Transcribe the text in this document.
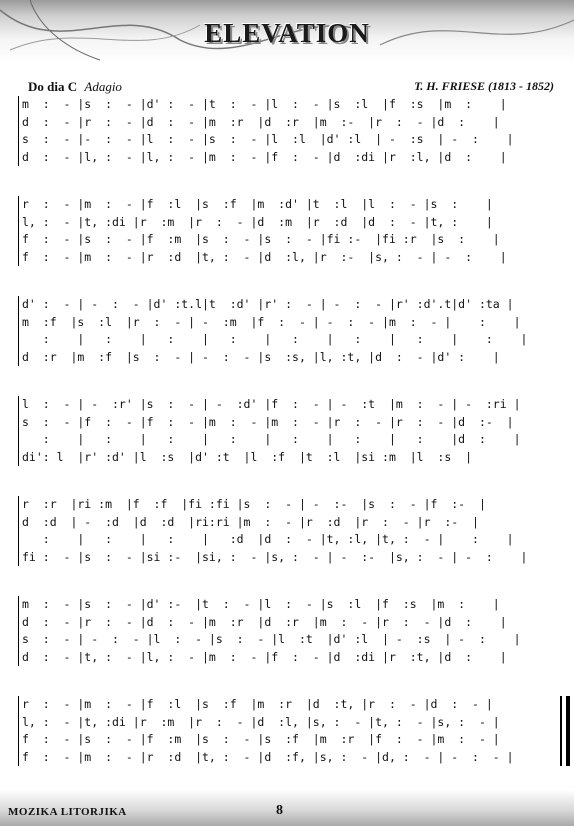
ELEVATION
Do dia C Adagio	T. H. FRIESE (1813 - 1852)
m  :  - |s  :  - |d' :  - |t  :  - |l  :  - |s  :l  |f  :s  |m  :    |
d  :  - |r  :  - |d  :  - |m  :r  |d  :r  |m  :-  |r  :  - |d  :    |
s  :  - |-  :  - |l  :  - |s  :  - |l  :l  |d' :l  | -  :s  | -  :    |
d  :  - |l, :  - |l, :  - |m  :  - |f  :  - |d  :di |r  :l, |d  :    |
r  :  - |m  :  - |f  :l  |s  :f  |m  :d' |t  :l  |l  :  - |s  :    |
l, :  - |t, :di |r  :m  |r  :  - |d  :m  |r  :d  |d  :  - |t, :    |
f  :  - |s  :  - |f  :m  |s  :  - |s  :  - |fi :-  |fi :r  |s  :    |
f  :  - |m  :  - |r  :d  |t, :  - |d  :l, |r  :-  |s, :  - | -  :    |
d' :  - | -  :  - |d' :t.l|t  :d' |r' :  - | -  :  - |r' :d'.t|d' :ta |
m  :f  |s  :l  |r  :  - | -  :m  |f  :  - | -  :  - |m  :  - |    :    |
:    |   :    |   :    |   :    |   :    |   :    |   :    |    :    |
d  :r  |m  :f  |s  :  - | -  :  - |s  :s, |l, :t, |d  :  - |d' :    |
l  :  - | -  :r' |s  :  - | -  :d' |f  :  - | -  :t  |m  :  - | -  :ri |
s  :  - |f  :  - |f  :  - |m  :  - |m  :  - |r  :  - |r  :  - |d  :-  |
:    |   :    |   :    |   :    |   :    |   :    |   :    |d  :    |
di': l  |r' :d' |l  :s  |d' :t  |l  :f  |t  :l  |si :m  |l  :s  |
r  :r  |ri :m  |f  :f  |fi :fi |s  :  - | -  :-  |s  :  - |f  :-  |
d  :d  | -  :d  |d  :d  |ri:ri |m  :  - |r  :d  |r  :  - |r  :-  |
:    |   :    |   :    |   :d  |d  :  - |t, :l, |t, :  - |    :    |
fi :  - |s  :  - |si :-  |si, :  - |s, :  - | -  :-  |s, :  - | -  :    |
m  :  - |s  :  - |d' :-  |t  :  - |l  :  - |s  :l  |f  :s  |m  :    |
d  :  - |r  :  - |d  :  - |m  :r  |d  :r  |m  :  - |r  :  - |d  :    |
s  :  - | -  :  - |l  :  - |s  :  - |l  :t  |d' :l  | -  :s  | -  :    |
d  :  - |t, :  - |l, :  - |m  :  - |f  :  - |d  :di |r  :t, |d  :    |
r  :  - |m  :  - |f  :l  |s  :f  |m  :r  |d  :t, |r  :  - |d  :  - |
l, :  - |t, :di |r  :m  |r  :  - |d  :l, |s, :  - |t, :  - |s, :  - |
f  :  - |s  :  - |f  :m  |s  :  - |s  :f  |m  :r  |f  :  - |m  :  - |
f  :  - |m  :  - |r  :d  |t, :  - |d  :f, |s, :  - |d, :  - | -  :  - |
MOZIKA LITORJIKA	8
